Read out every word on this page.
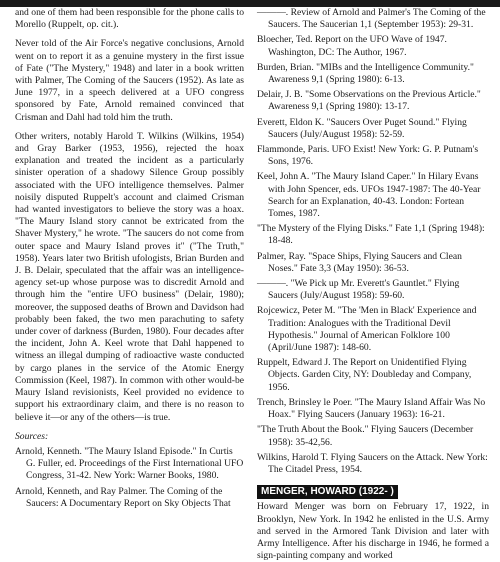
and one of them had been responsible for the phone calls to Morello (Ruppelt, op. cit.).

Never told of the Air Force's negative conclusions, Arnold went on to report it as a genuine mystery in the first issue of Fate ("The Mystery," 1948) and later in a book written with Palmer, The Coming of the Saucers (1952). As late as June 1977, in a speech delivered at a UFO congress sponsored by Fate, Arnold remained convinced that Crisman and Dahl had told him the truth.

Other writers, notably Harold T. Wilkins (Wilkins, 1954) and Gray Barker (1953, 1956), rejected the hoax explanation and treated the incident as a particularly sinister operation of a shadowy Silence Group possibly associated with the UFO intelligence themselves. Palmer noisily disputed Ruppelt's account and claimed Crisman had wanted investigators to believe the story was a hoax. "The Maury Island story cannot be extricated from the Shaver Mystery," he wrote. "The saucers do not come from outer space and Maury Island proves it" ("The Truth," 1958). Years later two British ufologists, Brian Burden and J. B. Delair, speculated that the affair was an intelligence-agency set-up whose purpose was to discredit Arnold and through him the "entire UFO business" (Delair, 1980); moreover, the supposed deaths of Brown and Davidson had probably been faked, the two men parachuting to safety under cover of darkness (Burden, 1980). Four decades after the incident, John A. Keel wrote that Dahl happened to witness an illegal dumping of radioactive waste conducted by cargo planes in the service of the Atomic Energy Commission (Keel, 1987). In common with other would-be Maury Island revisionists, Keel provided no evidence to support his extraordinary claim, and there is no reason to believe it—or any of the others—is true.

Sources:
Arnold, Kenneth. "The Maury Island Episode." In Curtis G. Fuller, ed. Proceedings of the First International UFO Congress, 31-42. New York: Warner Books, 1980.
Arnold, Kenneth, and Ray Palmer. The Coming of the Saucers: A Documentary Report on Sky Objects That
———. Review of Arnold and Palmer's The Coming of the Saucers. The Saucerian 1,1 (September 1953): 29-31.
Bloecher, Ted. Report on the UFO Wave of 1947. Washington, DC: The Author, 1967.
Burden, Brian. "MIBs and the Intelligence Community." Awareness 9,1 (Spring 1980): 6-13.
Delair, J. B. "Some Observations on the Previous Article." Awareness 9,1 (Spring 1980): 13-17.
Everett, Eldon K. "Saucers Over Puget Sound." Flying Saucers (July/August 1958): 52-59.
Flammonde, Paris. UFO Exist! New York: G. P. Putnam's Sons, 1976.
Keel, John A. "The Maury Island Caper." In Hilary Evans with John Spencer, eds. UFOs 1947-1987: The 40-Year Search for an Explanation, 40-43. London: Fortean Tomes, 1987.
"The Mystery of the Flying Disks." Fate 1,1 (Spring 1948): 18-48.
Palmer, Ray. "Space Ships, Flying Saucers and Clean Noses." Fate 3,3 (May 1950): 36-53.
———. "We Pick up Mr. Everett's Gauntlet." Flying Saucers (July/August 1958): 59-60.
Rojcewicz, Peter M. "The 'Men in Black' Experience and Tradition: Analogues with the Traditional Devil Hypothesis." Journal of American Folklore 100 (April/June 1987): 148-60.
Ruppelt, Edward J. The Report on Unidentified Flying Objects. Garden City, NY: Doubleday and Company, 1956.
Trench, Brinsley le Poer. "The Maury Island Affair Was No Hoax." Flying Saucers (January 1963): 16-21.
"The Truth About the Book." Flying Saucers (December 1958): 35-42,56.
Wilkins, Harold T. Flying Saucers on the Attack. New York: The Citadel Press, 1954.
MENGER, HOWARD (1922- )

Howard Menger was born on February 17, 1922, in Brooklyn, New York. In 1942 he enlisted in the U.S. Army and served in the Armored Tank Division and later with Army Intelligence. After his discharge in 1946, he formed a sign-painting company and worked
